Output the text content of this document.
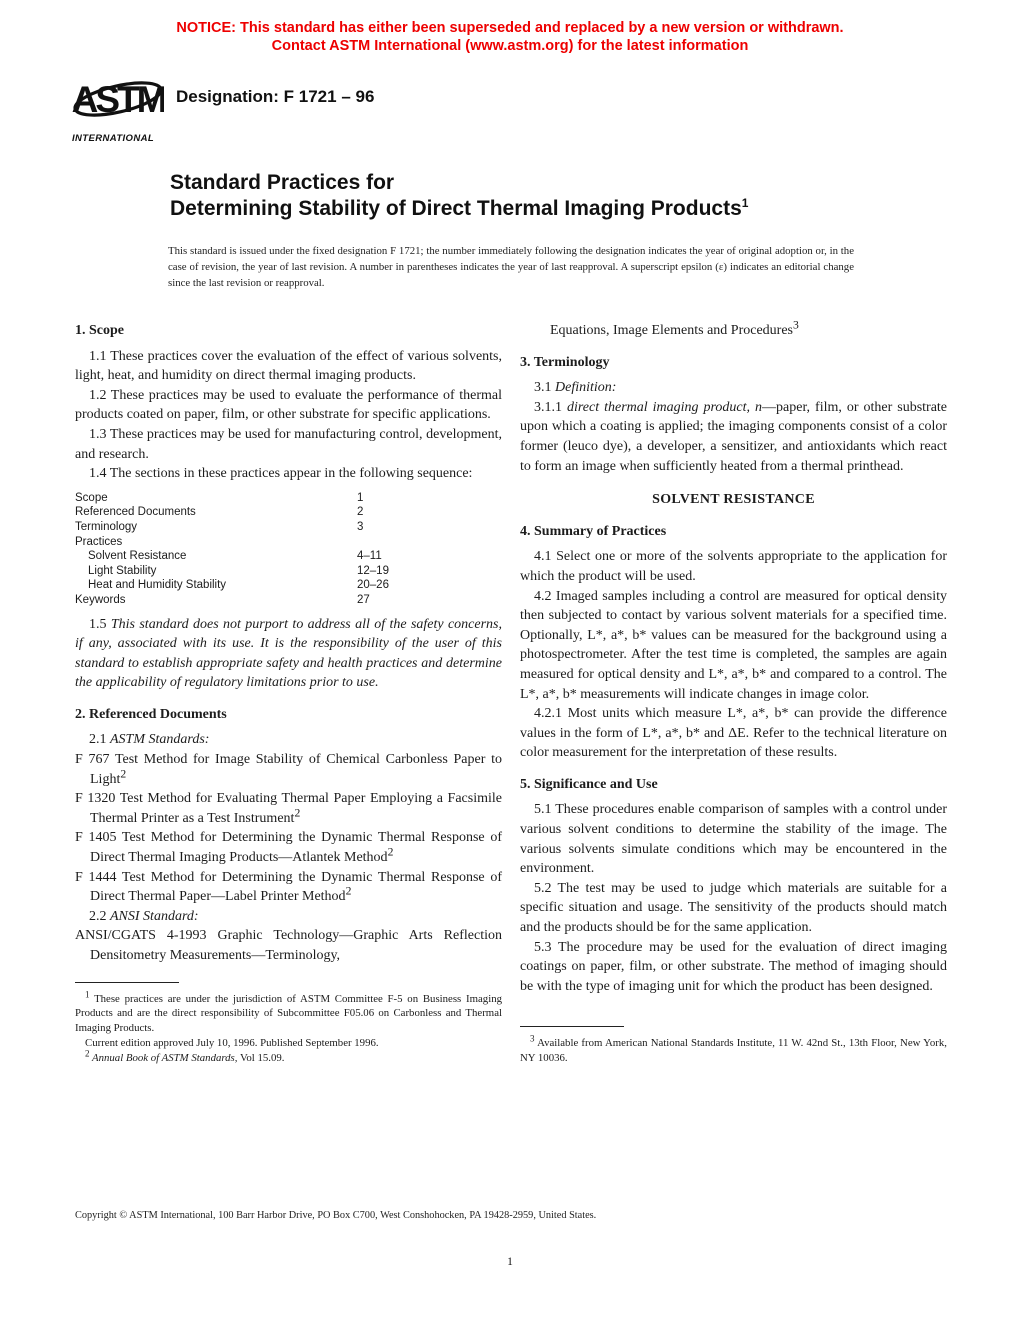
NOTICE: This standard has either been superseded and replaced by a new version or withdrawn.
Contact ASTM International (www.astm.org) for the latest information
ASTM
INTERNATIONAL
Designation: F 1721 – 96
Standard Practices for
Determining Stability of Direct Thermal Imaging Products$^1$
This standard is issued under the fixed designation F 1721; the number immediately following the designation indicates the year of original adoption or, in the case of revision, the year of last revision. A number in parentheses indicates the year of last reapproval. A superscript epsilon (ε) indicates an editorial change since the last revision or reapproval.

1. Scope

1.1 These practices cover the evaluation of the effect of various solvents, light, heat, and humidity on direct thermal imaging products.

1.2 These practices may be used to evaluate the performance of thermal products coated on paper, film, or other substrate for specific applications.

1.3 These practices may be used for manufacturing control, development, and research.

1.4 The sections in these practices appear in the following sequence:

Scope	1
Referenced Documents	2
Terminology	3
Practices
Solvent Resistance	4–11
Light Stability	12–19
Heat and Humidity Stability	20–26
Keywords	27

1.5 This standard does not purport to address all of the safety concerns, if any, associated with its use. It is the responsibility of the user of this standard to establish appropriate safety and health practices and determine the applicability of regulatory limitations prior to use.

2. Referenced Documents

2.1 ASTM Standards:

F 767 Test Method for Image Stability of Chemical Carbonless Paper to Light$^2$

F 1320 Test Method for Evaluating Thermal Paper Employing a Facsimile Thermal Printer as a Test Instrument$^2$

F 1405 Test Method for Determining the Dynamic Thermal Response of Direct Thermal Imaging Products—Atlantek Method$^2$

F 1444 Test Method for Determining the Dynamic Thermal Response of Direct Thermal Paper—Label Printer Method$^2$

2.2 ANSI Standard:

ANSI/CGATS 4-1993 Graphic Technology—Graphic Arts Reflection Densitometry Measurements—Terminology,

$^1$ These practices are under the jurisdiction of ASTM Committee F-5 on Business Imaging Products and are the direct responsibility of Subcommittee F05.06 on Carbonless and Thermal Imaging Products.

Current edition approved July 10, 1996. Published September 1996.

$^2$ Annual Book of ASTM Standards, Vol 15.09.

Equations, Image Elements and Procedures$^3$

3. Terminology

3.1 Definition:

3.1.1 direct thermal imaging product, n—paper, film, or other substrate upon which a coating is applied; the imaging components consist of a color former (leuco dye), a developer, a sensitizer, and antioxidants which react to form an image when sufficiently heated from a thermal printhead.

SOLVENT RESISTANCE

4. Summary of Practices

4.1 Select one or more of the solvents appropriate to the application for which the product will be used.

4.2 Imaged samples including a control are measured for optical density then subjected to contact by various solvent materials for a specified time. Optionally, L*, a*, b* values can be measured for the background using a photospectrometer. After the test time is completed, the samples are again measured for optical density and L*, a*, b* and compared to a control. The L*, a*, b* measurements will indicate changes in image color.

4.2.1 Most units which measure L*, a*, b* can provide the difference values in the form of L*, a*, b* and ΔE. Refer to the technical literature on color measurement for the interpretation of these results.

5. Significance and Use

5.1 These procedures enable comparison of samples with a control under various solvent conditions to determine the stability of the image. The various solvents simulate conditions which may be encountered in the environment.

5.2 The test may be used to judge which materials are suitable for a specific situation and usage. The sensitivity of the products should match and the products should be for the same application.

5.3 The procedure may be used for the evaluation of direct imaging coatings on paper, film, or other substrate. The method of imaging should be with the type of imaging unit for which the product has been designed.

$^3$ Available from American National Standards Institute, 11 W. 42nd St., 13th Floor, New York, NY 10036.

Copyright © ASTM International, 100 Barr Harbor Drive, PO Box C700, West Conshohocken, PA 19428-2959, United States.
1
